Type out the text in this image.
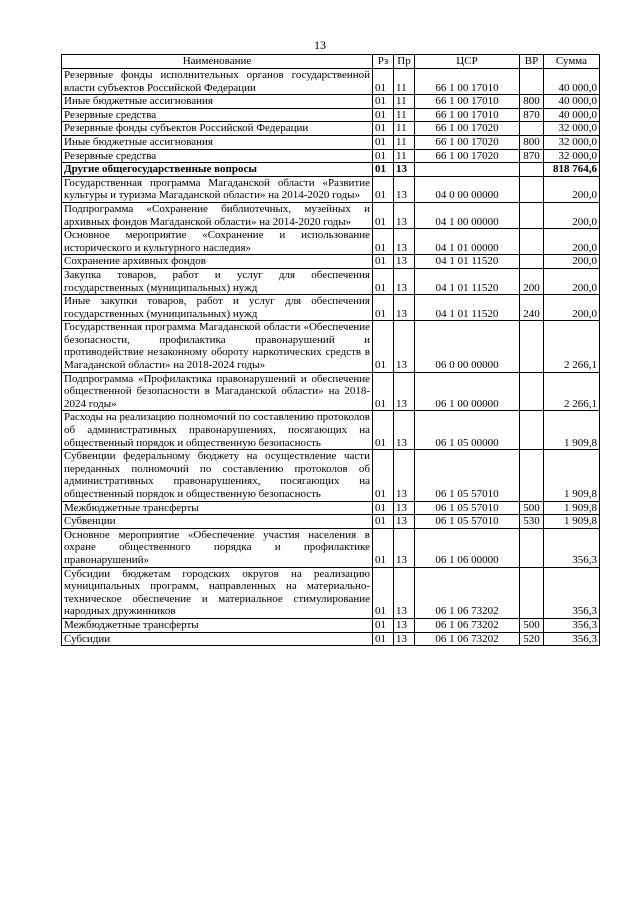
13
Наименование	Рз	Пр	ЦСР	ВР	Сумма
Резервные фонды исполнительных органов государственной власти субъектов Российской Федерации	01	11	66 1 00 17010		40 000,0
Иные бюджетные ассигнования	01	11	66 1 00 17010	800	40 000,0
Резервные средства	01	11	66 1 00 17010	870	40 000,0
Резервные фонды субъектов Российской Федерации	01	11	66 1 00 17020		32 000,0
Иные бюджетные ассигнования	01	11	66 1 00 17020	800	32 000,0
Резервные средства	01	11	66 1 00 17020	870	32 000,0
Другие общегосударственные вопросы	01	13			818 764,6
Государственная программа Магаданской области «Развитие культуры и туризма Магаданской области» на 2014-2020 годы»	01	13	04 0 00 00000		200,0
Подпрограмма «Сохранение библиотечных, музейных и архивных фондов Магаданской области» на 2014-2020 годы»	01	13	04 1 00 00000		200,0
Основное мероприятие «Сохранение и использование исторического и культурного наследия»	01	13	04 1 01 00000		200,0
Сохранение архивных фондов	01	13	04 1 01 11520		200,0
Закупка товаров, работ и услуг для обеспечения государственных (муниципальных) нужд	01	13	04 1 01 11520	200	200,0
Иные закупки товаров, работ и услуг для обеспечения государственных (муниципальных) нужд	01	13	04 1 01 11520	240	200,0
Государственная программа Магаданской области «Обеспечение безопасности, профилактика правонарушений и противодействие незаконному обороту наркотических средств в Магаданской области» на 2018-2024 годы»	01	13	06 0 00 00000		2 266,1
Подпрограмма «Профилактика правонарушений и обеспечение общественной безопасности в Магаданской области» на 2018-2024 годы»	01	13	06 1 00 00000		2 266,1
Расходы на реализацию полномочий по составлению протоколов об административных правонарушениях, посягающих на общественный порядок и общественную безопасность	01	13	06 1 05 00000		1 909,8
Субвенции федеральному бюджету на осуществление части переданных полномочий по составлению протоколов об административных правонарушениях, посягающих на общественный порядок и общественную безопасность	01	13	06 1 05 57010		1 909,8
Межбюджетные трансферты	01	13	06 1 05 57010	500	1 909,8
Субвенции	01	13	06 1 05 57010	530	1 909,8
Основное мероприятие «Обеспечение участия населения в охране общественного порядка и профилактике правонарушений»	01	13	06 1 06 00000		356,3
Субсидии бюджетам городских округов на реализацию муниципальных программ, направленных на материально-техническое обеспечение и материальное стимулирование народных дружинников	01	13	06 1 06 73202		356,3
Межбюджетные трансферты	01	13	06 1 06 73202	500	356,3
Субсидии	01	13	06 1 06 73202	520	356,3
